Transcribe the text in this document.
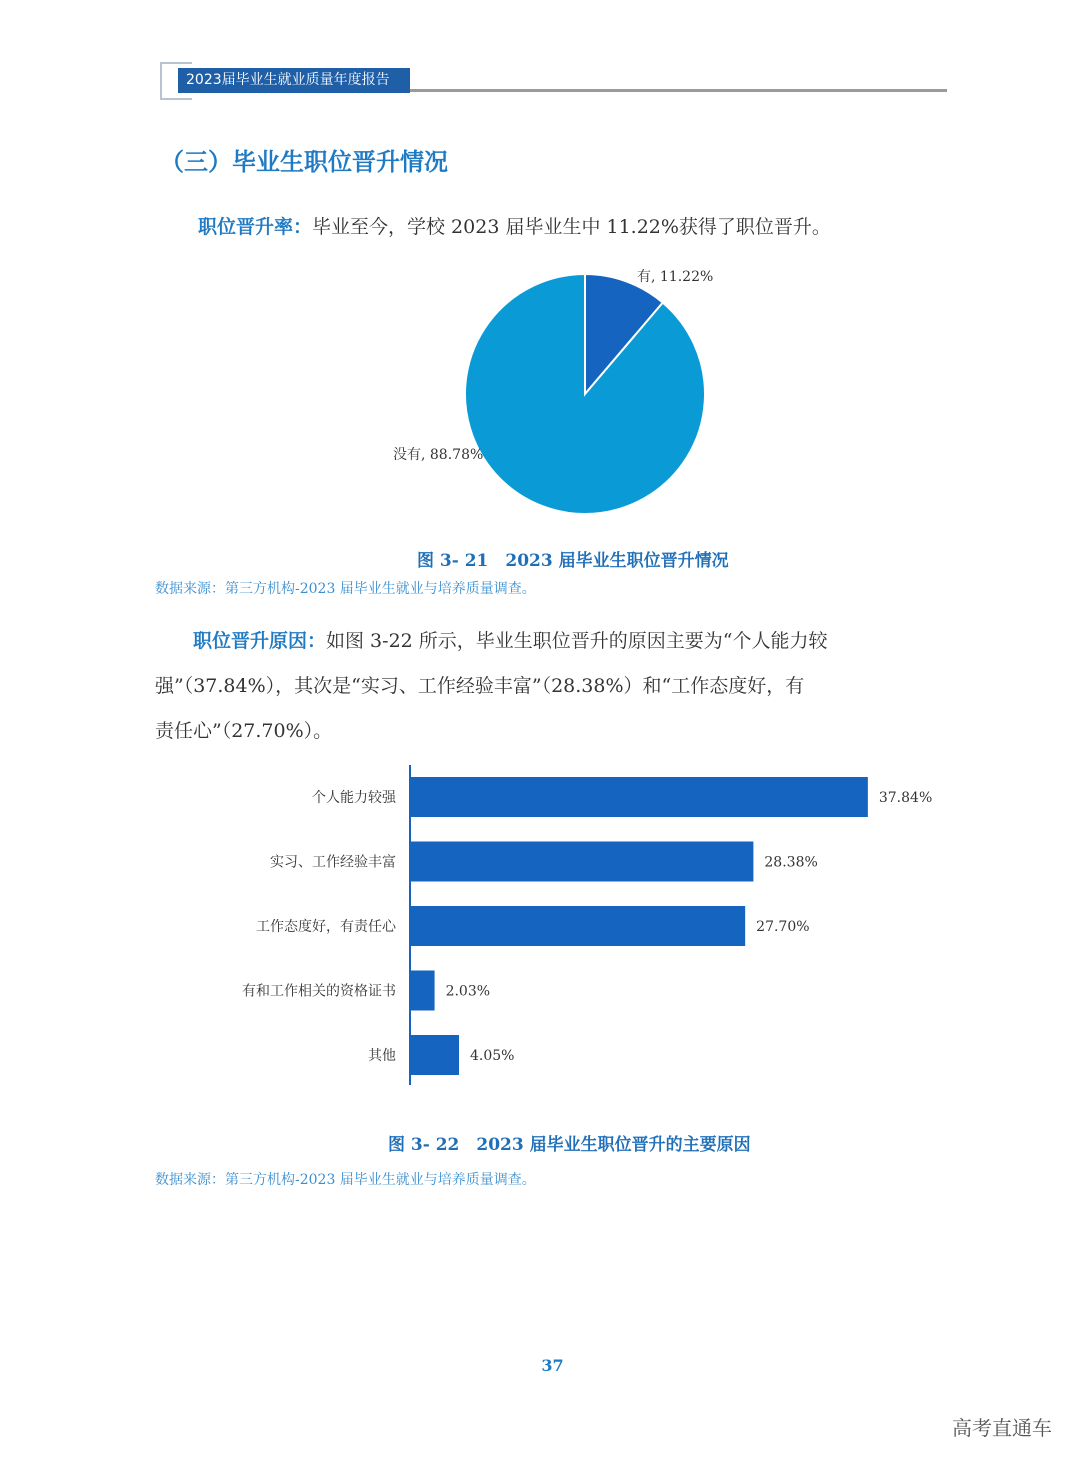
2023届毕业生就业质量年度报告
（三）毕业生职位晋升情况
职位晋升率：毕业至今，学校 2023 届毕业生中 11.22%获得了职位晋升。
有, 11.22%
没有, 88.78%
图 3- 21　2023 届毕业生职位晋升情况
数据来源：第三方机构-2023 届毕业生就业与培养质量调查。
职位晋升原因：如图 3-22 所示，毕业生职位晋升的原因主要为“个人能力较
强”（37.84%），其次是“实习、工作经验丰富”（28.38%）和“工作态度好，有
责任心”（27.70%）。
个人能力较强	37.84%
实习、工作经验丰富	28.38%
工作态度好，有责任心	27.70%
有和工作相关的资格证书	2.03%
其他	4.05%
图 3- 22　2023 届毕业生职位晋升的主要原因
数据来源：第三方机构-2023 届毕业生就业与培养质量调查。
37
高考直通车
